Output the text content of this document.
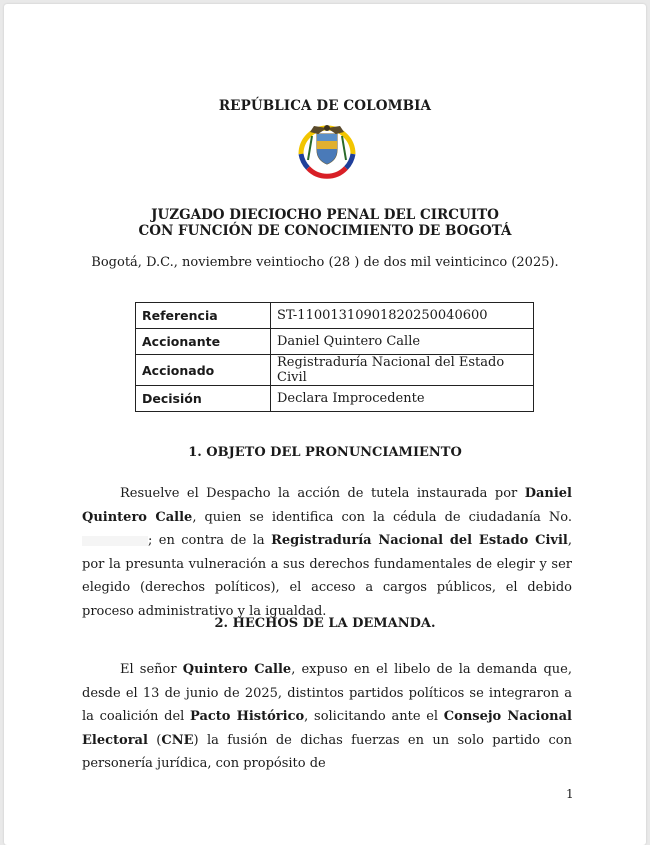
REPÚBLICA DE COLOMBIA
JUZGADO DIECIOCHO PENAL DEL CIRCUITO
CON FUNCIÓN DE CONOCIMIENTO DE BOGOTÁ
Bogotá, D.C., noviembre veintiocho (28 ) de dos mil veinticinco (2025).
Referencia	ST-11001310901820250040600
Accionante	Daniel Quintero Calle
Accionado	Registraduría Nacional del Estado Civil
Decisión	Declara Improcedente
1. OBJETO DEL PRONUNCIAMIENTO
Resuelve el Despacho la acción de tutela instaurada por Daniel Quintero Calle, quien se identifica con la cédula de ciudadanía No. ; en contra de la Registraduría Nacional del Estado Civil, por la presunta vulneración a sus derechos fundamentales de elegir y ser elegido (derechos políticos), el acceso a cargos públicos, el debido proceso administrativo y la igualdad.
2. HECHOS DE LA DEMANDA.
El señor Quintero Calle, expuso en el libelo de la demanda que, desde el 13 de junio de 2025, distintos partidos políticos se integraron a la coalición del Pacto Histórico, solicitando ante el Consejo Nacional Electoral (CNE) la fusión de dichas fuerzas en un solo partido con personería jurídica, con propósito de
1
